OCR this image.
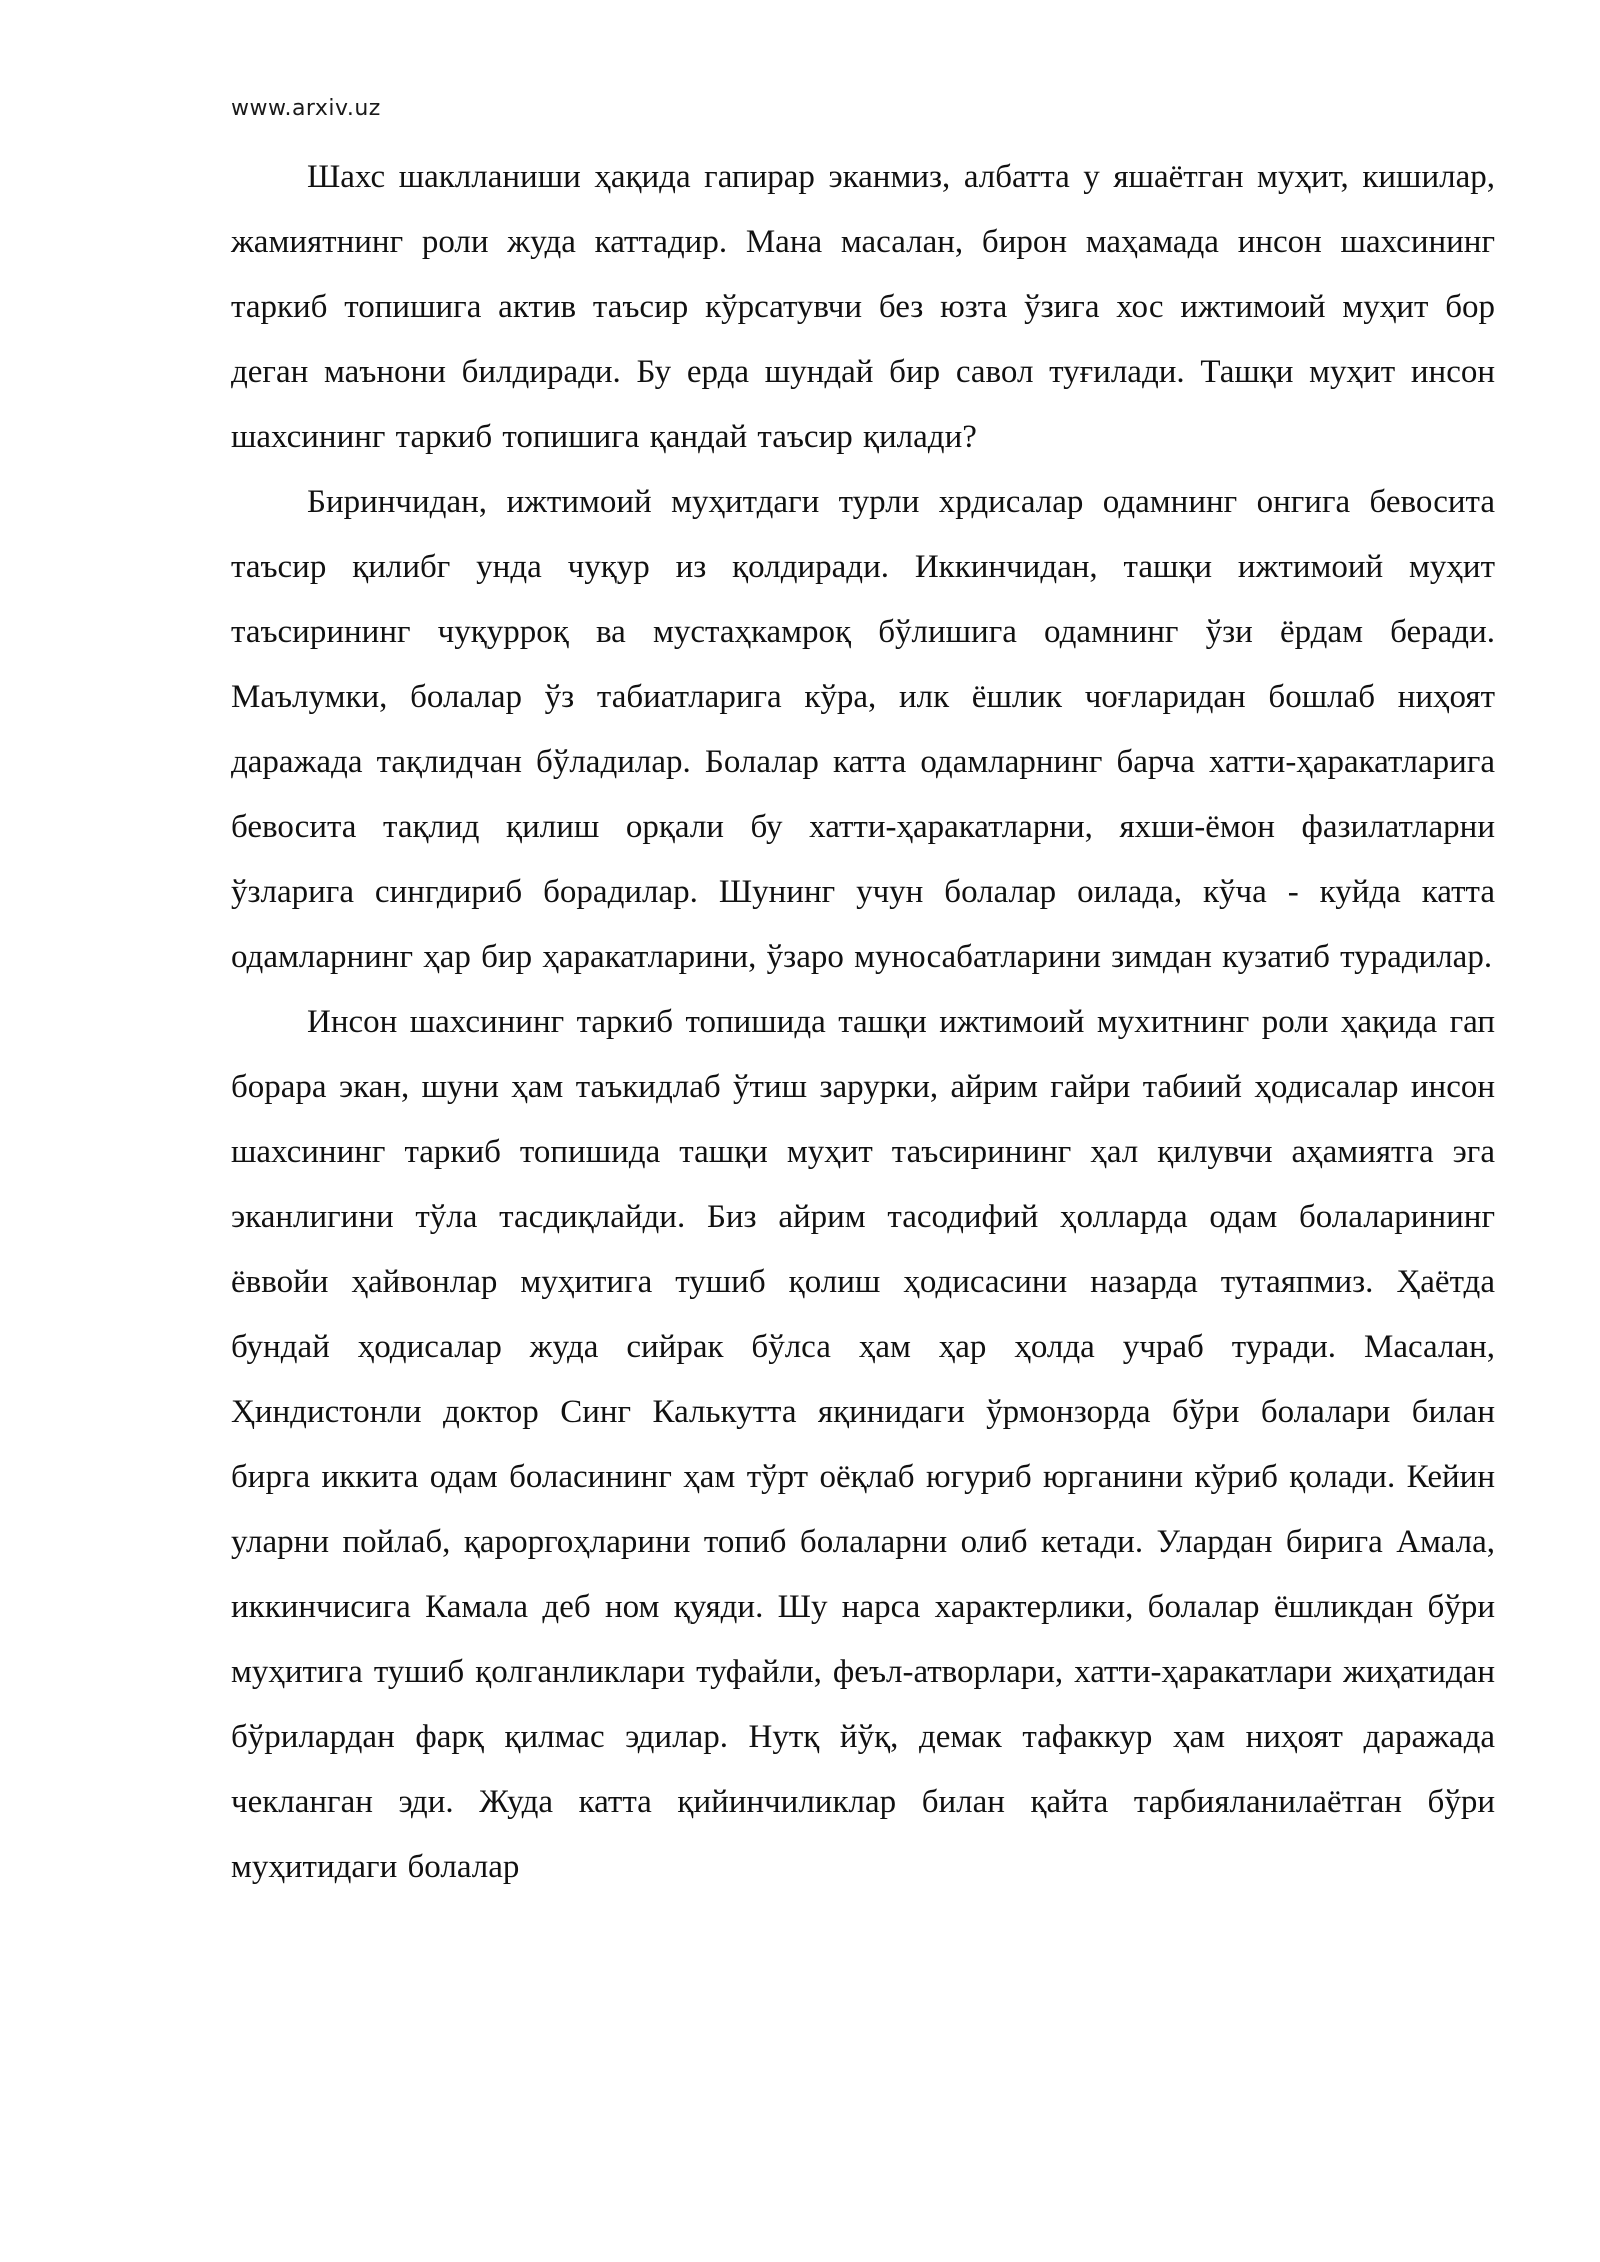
www.arxiv.uz

Шахс шаклланиши ҳақида гапирар эканмиз, албатта у яшаётган муҳит, кишилар, жамиятнинг роли жуда каттадир. Мана масалан, бирон маҳамада инсон шахсининг таркиб топишига актив таъсир кўрсатувчи без юзта ўзига хос ижтимоий муҳит бор деган маънони билдиради. Бу ерда шундай бир савол туғилади. Ташқи муҳит инсон шахсининг таркиб топишига қандай таъсир қилади?

Биринчидан, ижтимоий муҳитдаги турли хрдисалар одамнинг онгига бевосита таъсир қилибг унда чуқур из қолдиради. Иккинчидан, ташқи ижтимоий муҳит таъсирининг чуқурроқ ва мустаҳкамроқ бўлишига одамнинг ўзи ёрдам беради. Маълумки, болалар ўз табиатларига кўра, илк ёшлик чоғларидан бошлаб ниҳоят даражада тақлидчан бўладилар. Болалар катта одамларнинг барча хатти-ҳаракатларига бевосита тақлид қилиш орқали бу хатти-ҳаракатларни, яхши-ёмон фазилатларни ўзларига сингдириб борадилар. Шунинг учун болалар оилада, кўча - куйда катта одамларнинг ҳар бир ҳаракатларини, ўзаро муносабатларини зимдан кузатиб турадилар.

Инсон шахсининг таркиб топишида ташқи ижтимоий мухитнинг роли ҳақида гап борара экан, шуни ҳам таъкидлаб ўтиш зарурки, айрим гайри табиий ҳодисалар инсон шахсининг таркиб топишида ташқи муҳит таъсирининг ҳал қилувчи аҳамиятга эга эканлигини тўла тасдиқлайди. Биз айрим тасодифий ҳолларда одам болаларининг ёввойи ҳайвонлар муҳитига тушиб қолиш ҳодисасини назарда тутаяпмиз. Ҳаётда бундай ҳодисалар жуда сийрак бўлса ҳам ҳар ҳолда учраб туради. Масалан, Ҳиндистонли доктор Синг Калькутта яқинидаги ўрмонзорда бўри болалари билан бирга иккита одам боласининг ҳам тўрт оёқлаб югуриб юрганини кўриб қолади. Кейин уларни пойлаб, қароргоҳларини топиб болаларни олиб кетади. Улардан бирига Амала, иккинчисига Камала деб ном қуяди. Шу нарса характерлики, болалар ёшликдан бўри муҳитига тушиб қолганликлари туфайли, феъл-атворлари, хатти-ҳаракатлари жиҳатидан бўрилардан фарқ қилмас эдилар. Нутқ йўқ, демак тафаккур ҳам ниҳоят даражада чекланган эди. Жуда катта қийинчиликлар билан қайта тарбияланилаётган бўри муҳитидаги болалар
